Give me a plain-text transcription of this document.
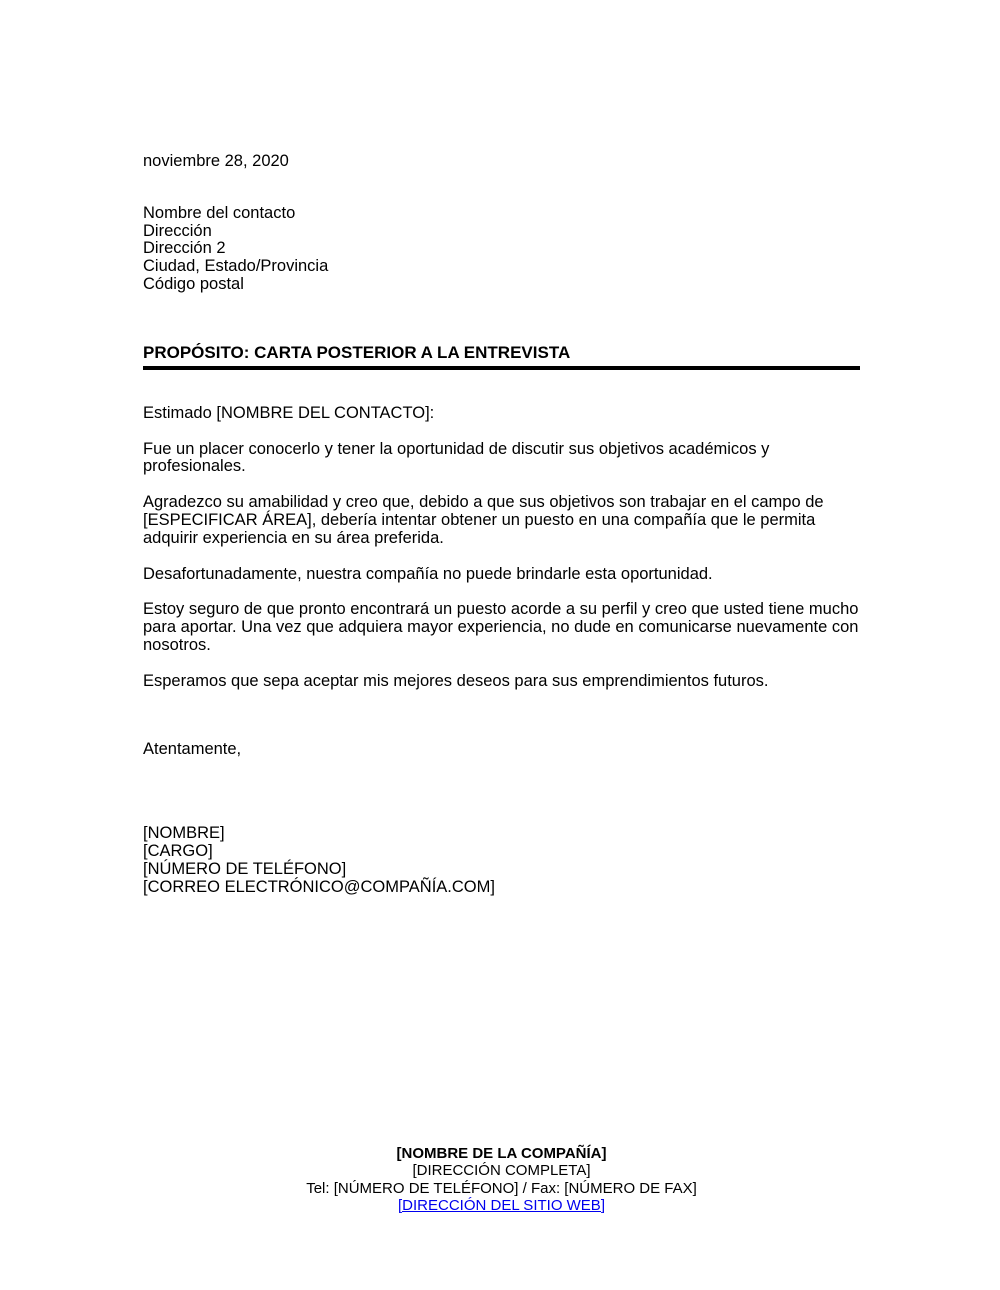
noviembre 28, 2020
Nombre del contacto
Dirección
Dirección 2
Ciudad, Estado/Provincia
Código postal
PROPÓSITO: CARTA POSTERIOR A LA ENTREVISTA
Estimado [NOMBRE DEL CONTACTO]:
Fue un placer conocerlo y tener la oportunidad de discutir sus objetivos académicos y profesionales.
Agradezco su amabilidad y creo que, debido a que sus objetivos son trabajar en el campo de [ESPECIFICAR ÁREA], debería intentar obtener un puesto en una compañía que le permita adquirir experiencia en su área preferida.
Desafortunadamente, nuestra compañía no puede brindarle esta oportunidad.
Estoy seguro de que pronto encontrará un puesto acorde a su perfil y creo que usted tiene mucho para aportar. Una vez que adquiera mayor experiencia, no dude en comunicarse nuevamente con nosotros.
Esperamos que sepa aceptar mis mejores deseos para sus emprendimientos futuros.
Atentamente,
[NOMBRE]
[CARGO]
[NÚMERO DE TELÉFONO]
[CORREO ELECTRÓNICO@COMPAÑÍA.COM]
[NOMBRE DE LA COMPAÑÍA]
[DIRECCIÓN COMPLETA]
Tel: [NÚMERO DE TELÉFONO] / Fax: [NÚMERO DE FAX]
[DIRECCIÓN DEL SITIO WEB]
